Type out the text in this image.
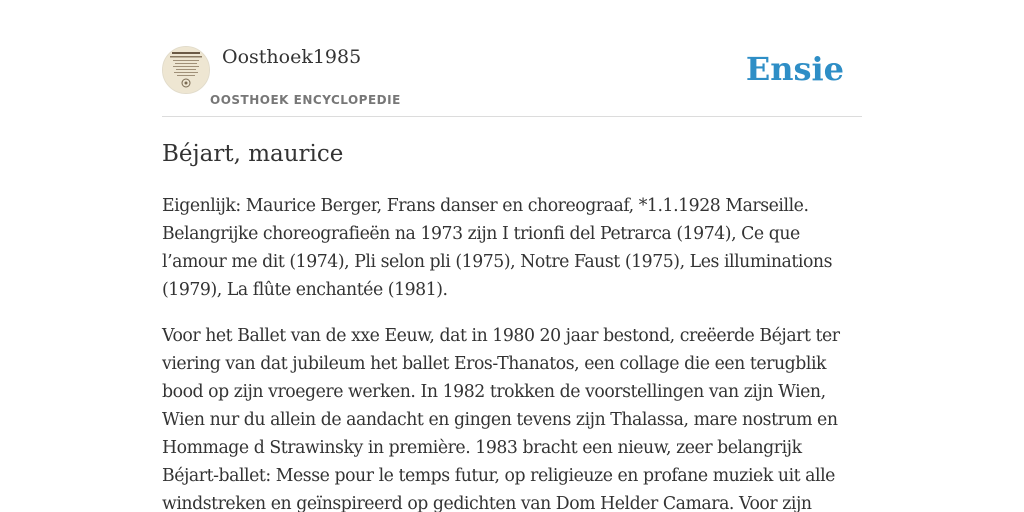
Oosthoek1985
OOSTHOEK ENCYCLOPEDIE
Ensie
Béjart, maurice

Eigenlijk: Maurice Berger, Frans danser en choreograaf, *1.1.1928 Marseille.
Belangrijke choreografieën na 1973 zijn I trionfi del Petrarca (1974), Ce que
l’amour me dit (1974), Pli selon pli (1975), Notre Faust (1975), Les illuminations
(1979), La flûte enchantée (1981).

Voor het Ballet van de xxe Eeuw, dat in 1980 20 jaar bestond, creëerde Béjart ter
viering van dat jubileum het ballet Eros-Thanatos, een collage die een terugblik
bood op zijn vroegere werken. In 1982 trokken de voorstellingen van zijn Wien,
Wien nur du allein de aandacht en gingen tevens zijn Thalassa, mare nostrum en
Hommage d Strawinsky in première. 1983 bracht een nieuw, zeer belangrijk
Béjart-ballet: Messe pour le temps futur, op religieuze en profane muziek uit alle
windstreken en geïnspireerd op gedichten van Dom Helder Camara. Voor zijn
